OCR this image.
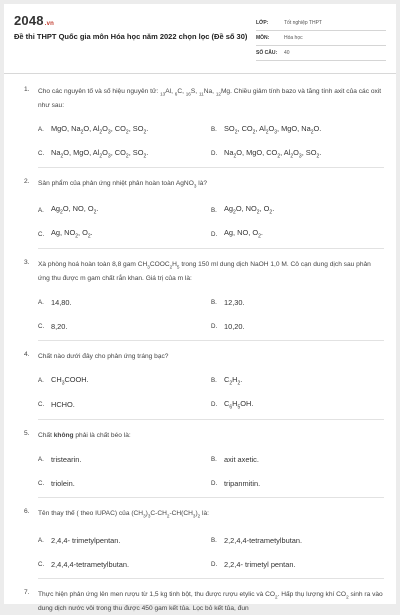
2048.vn
Đề thi THPT Quốc gia môn Hóa học năm 2022 chọn lọc (Đề số 30)
LỚP:	Tốt nghiệp THPT
MÔN:	Hóa học
SỐ CÂU:	40
1. Cho các nguyên tố và số hiệu nguyên tử: $_{13}$Al, $_6$C, $_{16}$S, $_{11}$Na, $_{12}$Mg. Chiều giảm tính bazo và tăng tính axit của các oxit như sau:
A. MgO, $Na_2O$, $Al_2O_3$, $CO_2$, $SO_2$.	B. $SO_2$, $CO_2$, $Al_2O_3$, MgO, $Na_2O$.
C. $Na_2O$, MgO, $Al_2O_3$, $CO_2$, $SO_2$.	D. $Na_2O$, MgO, $CO_2$, $Al_2O_3$, $SO_2$.
2. Sản phẩm của phản ứng nhiệt phân hoàn toàn AgNO$_3$ là?
A. $Ag_2O$, NO, $O_2$.	B. $Ag_2O$, $NO_2$, $O_2$.
C. Ag, $NO_2$, $O_2$.	D. Ag, NO, $O_2$.
3. Xà phòng hoá hoàn toàn 8,8 gam $CH_3COOC_2H_5$ trong 150 ml dung dịch NaOH 1,0 M. Cô cạn dung dịch sau phản ứng thu được m gam chất rắn khan. Giá trị của m là:
A. 14,80.	B. 12,30.
C. 8,20.	D. 10,20.
4. Chất nào dưới đây cho phản ứng tráng bạc?
A. $CH_3COOH$.	B. $C_2H_2$.
C. HCHO.	D. $C_6H_5OH$.
5. Chất không phải là chất béo là:
A. tristearin.	B. axit axetic.
C. triolein.	D. tripanmitin.
6. Tên thay thế ( theo IUPAC) của $(CH_3)_3C-CH_2-CH(CH_3)_2$ là:
A. 2,4,4- trimetylpentan.	B. 2,2,4,4-tetrametylbutan.
C. 2,4,4,4-tetrametylbutan.	D. 2,2,4- trimetyl pentan.
7. Thực hiện phản ứng lên men rượu từ 1,5 kg tinh bột, thu được rượu etylic và $CO_2$. Hấp thụ lượng khí $CO_2$ sinh ra vào dung dịch nước vôi trong thu được 450 gam kết tủa. Lọc bỏ kết tủa, đun
